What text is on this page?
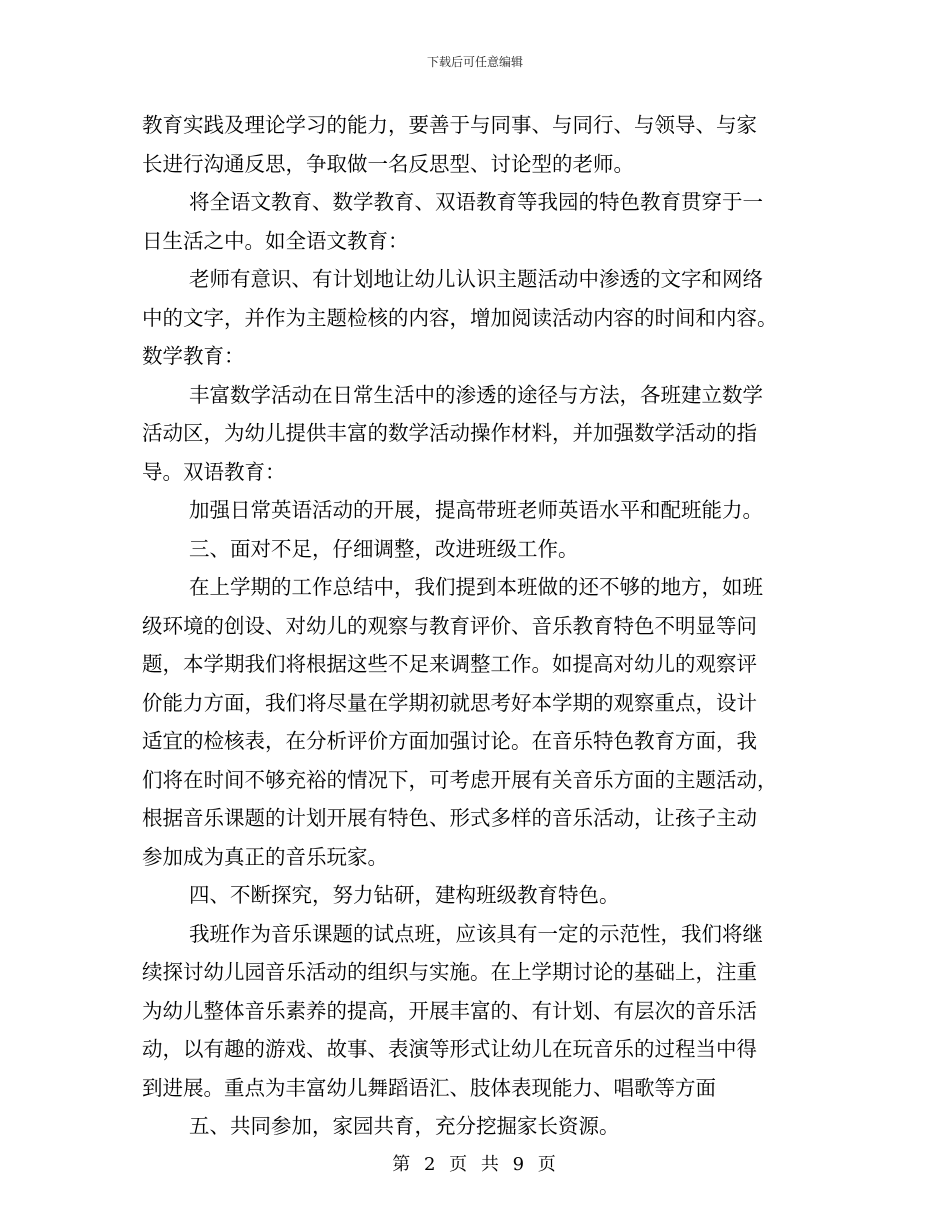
下载后可任意编辑
教育实践及理论学习的能力，要善于与同事、与同行、与领导、与家
长进行沟通反思，争取做一名反思型、讨论型的老师。
将全语文教育、数学教育、双语教育等我园的特色教育贯穿于一
日生活之中。如全语文教育：
老师有意识、有计划地让幼儿认识主题活动中渗透的文字和网络
中的文字，并作为主题检核的内容，增加阅读活动内容的时间和内容。
数学教育：
丰富数学活动在日常生活中的渗透的途径与方法，各班建立数学
活动区，为幼儿提供丰富的数学活动操作材料，并加强数学活动的指
导。双语教育：
加强日常英语活动的开展，提高带班老师英语水平和配班能力。
三、面对不足，仔细调整，改进班级工作。
在上学期的工作总结中，我们提到本班做的还不够的地方，如班
级环境的创设、对幼儿的观察与教育评价、音乐教育特色不明显等问
题，本学期我们将根据这些不足来调整工作。如提高对幼儿的观察评
价能力方面，我们将尽量在学期初就思考好本学期的观察重点，设计
适宜的检核表，在分析评价方面加强讨论。在音乐特色教育方面，我
们将在时间不够充裕的情况下，可考虑开展有关音乐方面的主题活动，
根据音乐课题的计划开展有特色、形式多样的音乐活动，让孩子主动
参加成为真正的音乐玩家。
四、不断探究，努力钻研，建构班级教育特色。
我班作为音乐课题的试点班，应该具有一定的示范性，我们将继
续探讨幼儿园音乐活动的组织与实施。在上学期讨论的基础上，注重
为幼儿整体音乐素养的提高，开展丰富的、有计划、有层次的音乐活
动，以有趣的游戏、故事、表演等形式让幼儿在玩音乐的过程当中得
到进展。重点为丰富幼儿舞蹈语汇、肢体表现能力、唱歌等方面
五、共同参加，家园共育，充分挖掘家长资源。
第 2 页 共 9 页
